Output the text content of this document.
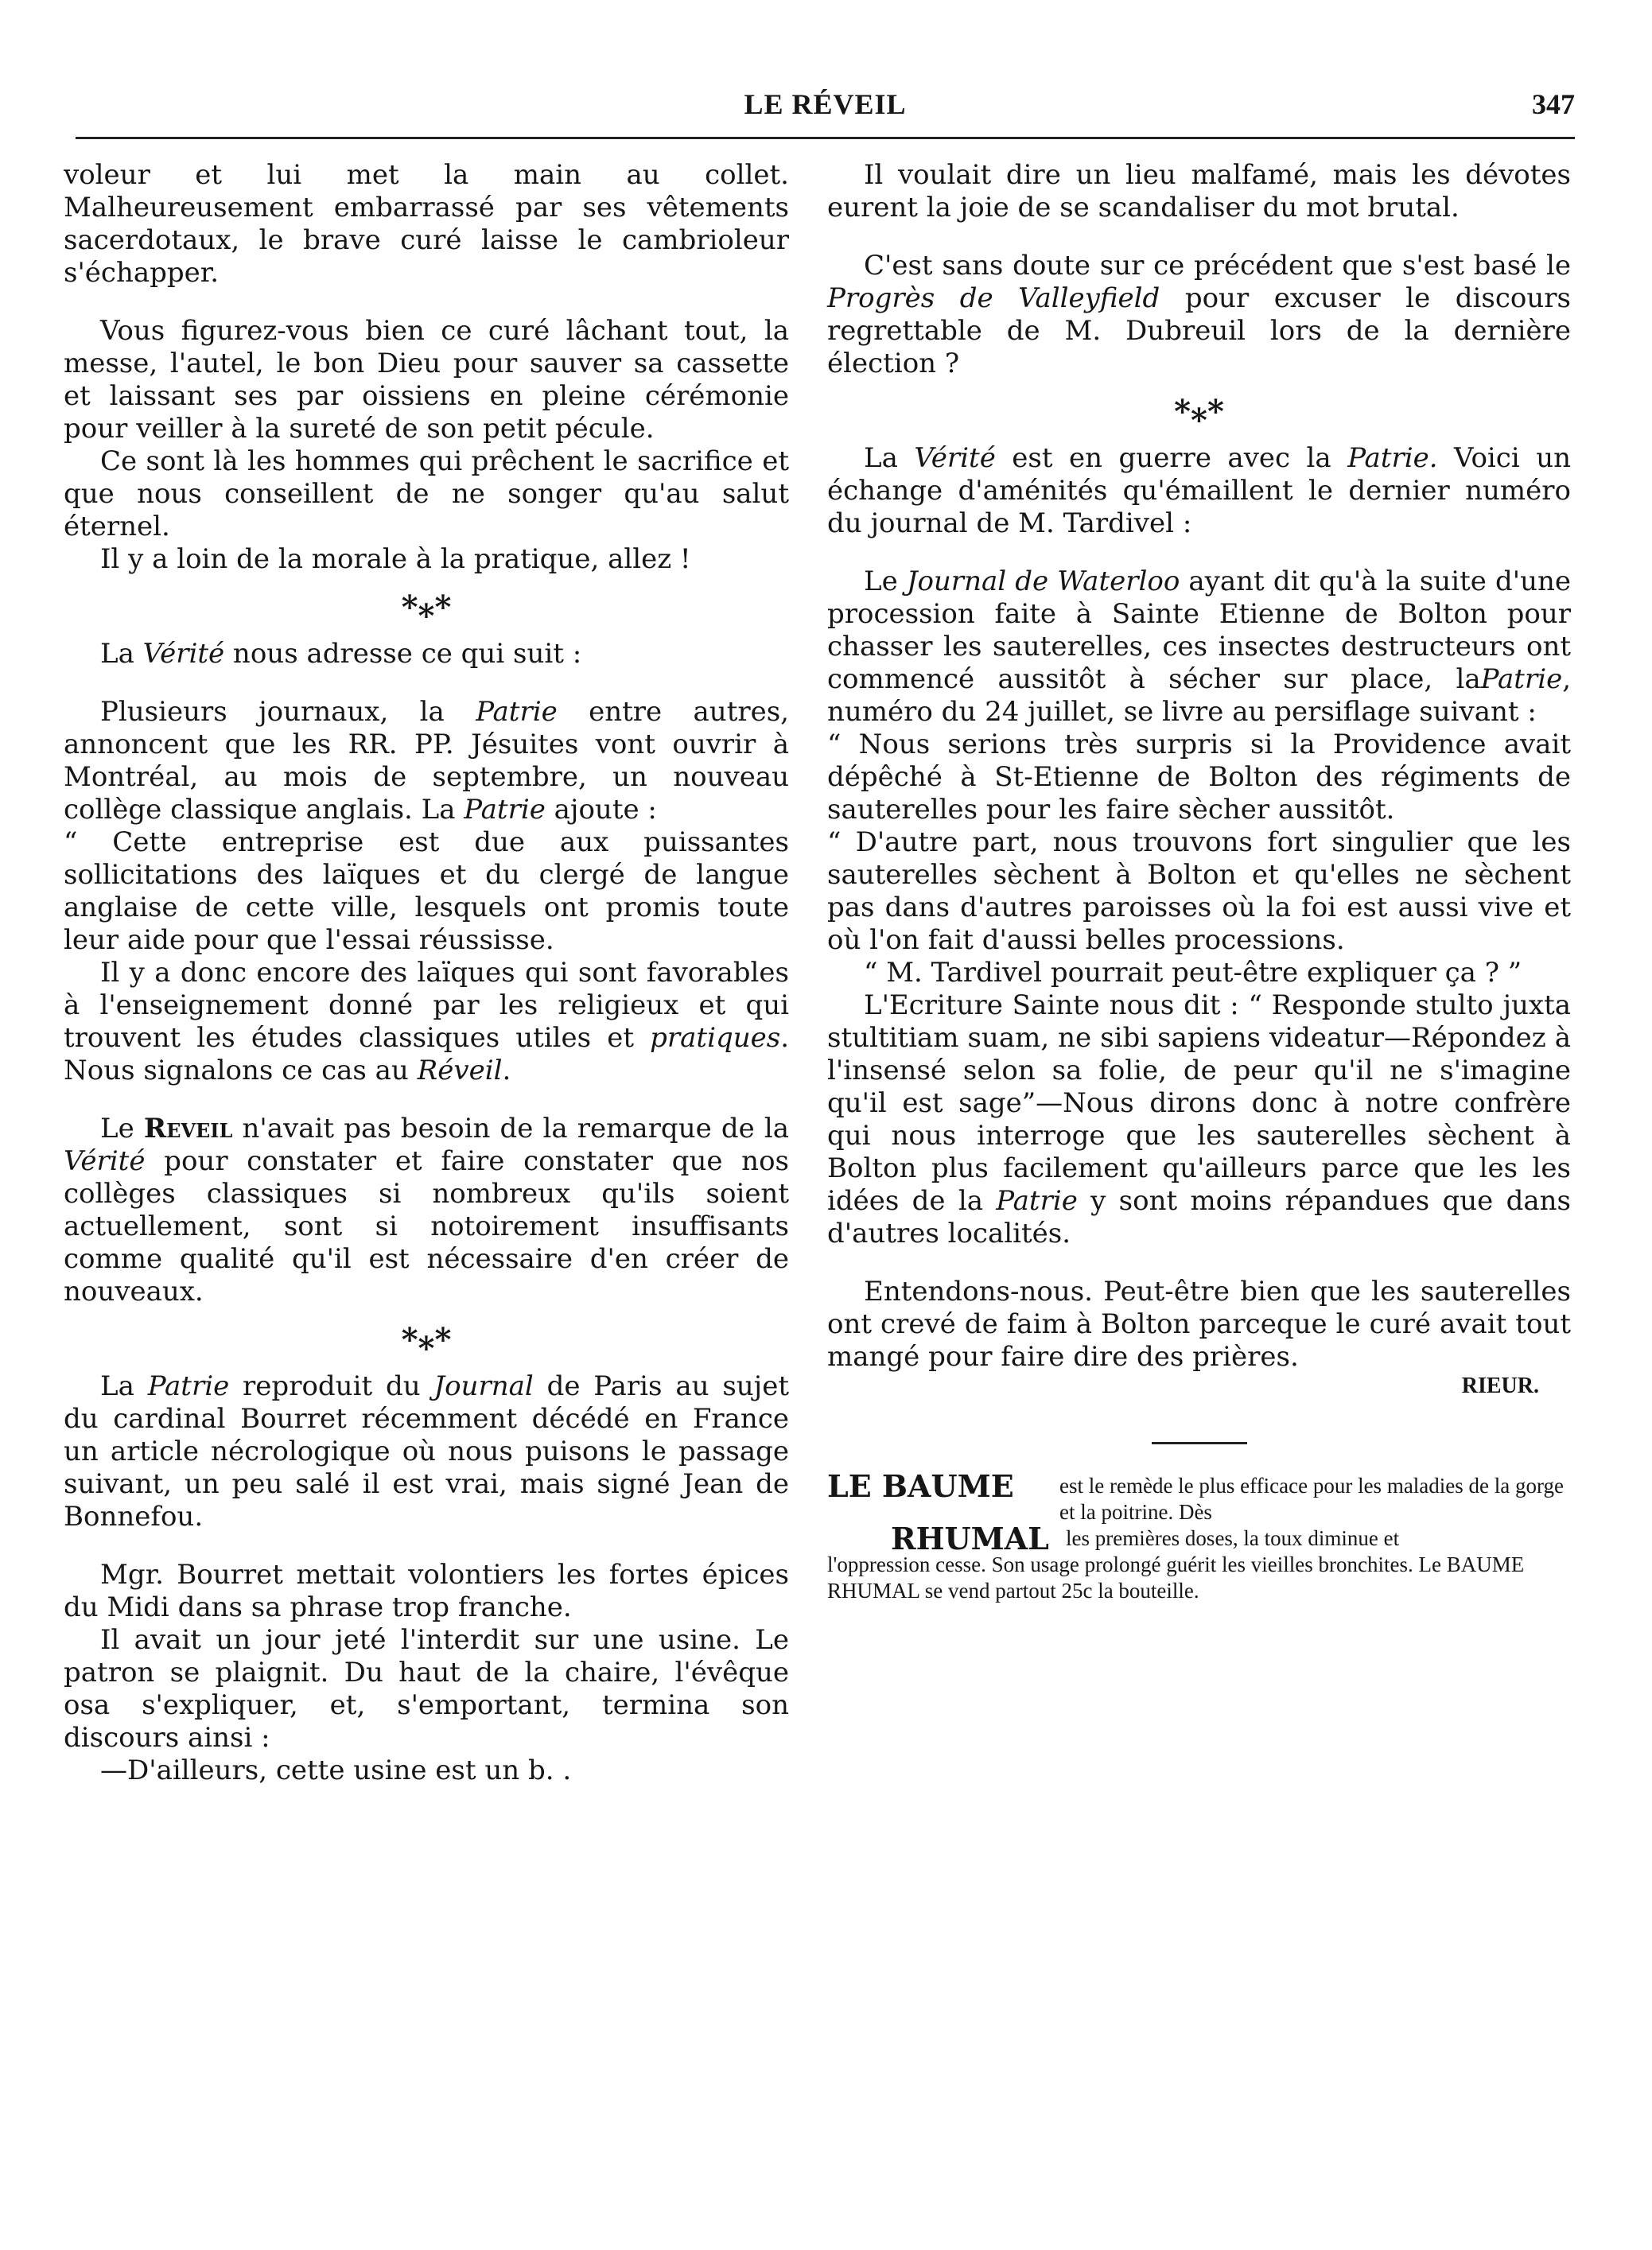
LE RÉVEIL	347

voleur et lui met la main au collet. Malheureusement embarrassé par ses vêtements sacerdotaux, le brave curé laisse le cambrioleur s'échapper.

Vous figurez-vous bien ce curé lâchant tout, la messe, l'autel, le bon Dieu pour sauver sa cassette et laissant ses par oissiens en pleine cérémonie pour veiller à la sureté de son petit pécule.

Ce sont là les hommes qui prêchent le sacrifice et que nous conseillent de ne songer qu'au salut éternel.

Il y a loin de la morale à la pratique, allez !

*⁎*

La Vérité nous adresse ce qui suit :

Plusieurs journaux, la Patrie entre autres, annoncent que les RR. PP. Jésuites vont ouvrir à Montréal, au mois de septembre, un nouveau collège classique anglais. La Patrie ajoute :

“ Cette entreprise est due aux puissantes sollicitations des laïques et du clergé de langue anglaise de cette ville, lesquels ont promis toute leur aide pour que l'essai réussisse.

Il y a donc encore des laïques qui sont favorables à l'enseignement donné par les religieux et qui trouvent les études classiques utiles et pratiques. Nous signalons ce cas au Réveil.

Le Reveil n'avait pas besoin de la remarque de la Vérité pour constater et faire constater que nos collèges classiques si nombreux qu'ils soient actuellement, sont si notoirement insuffisants comme qualité qu'il est nécessaire d'en créer de nouveaux.

*⁎*

La Patrie reproduit du Journal de Paris au sujet du cardinal Bourret récemment décédé en France un article nécrologique où nous puisons le passage suivant, un peu salé il est vrai, mais signé Jean de Bonnefou.

Mgr. Bourret mettait volontiers les fortes épices du Midi dans sa phrase trop franche.

Il avait un jour jeté l'interdit sur une usine. Le patron se plaignit. Du haut de la chaire, l'évêque osa s'expliquer, et, s'emportant, termina son discours ainsi :

—D'ailleurs, cette usine est un b. .

Il voulait dire un lieu malfamé, mais les dévotes eurent la joie de se scandaliser du mot brutal.

C'est sans doute sur ce précédent que s'est basé le Progrès de Valleyfield pour excuser le discours regrettable de M. Dubreuil lors de la dernière élection ?

*⁎*

La Vérité est en guerre avec la Patrie. Voici un échange d'aménités qu'émaillent le dernier numéro du journal de M. Tardivel :

Le Journal de Waterloo ayant dit qu'à la suite d'une procession faite à Sainte Etienne de Bolton pour chasser les sauterelles, ces insectes destructeurs ont commencé aussitôt à sécher sur place, laPatrie, numéro du 24 juillet, se livre au persiflage suivant :

“ Nous serions très surpris si la Providence avait dépêché à St-Etienne de Bolton des régiments de sauterelles pour les faire sècher aussitôt.

“ D'autre part, nous trouvons fort singulier que les sauterelles sèchent à Bolton et qu'elles ne sèchent pas dans d'autres paroisses où la foi est aussi vive et où l'on fait d'aussi belles processions.

“ M. Tardivel pourrait peut-être expliquer ça ? ”

L'Ecriture Sainte nous dit : “ Responde stulto juxta stultitiam suam, ne sibi sapiens videatur—Répondez à l'insensé selon sa folie, de peur qu'il ne s'imagine qu'il est sage”—Nous dirons donc à notre confrère qui nous interroge que les sauterelles sèchent à Bolton plus facilement qu'ailleurs parce que les les idées de la Patrie y sont moins répandues que dans d'autres localités.

Entendons-nous. Peut-être bien que les sauterelles ont crevé de faim à Bolton parceque le curé avait tout mangé pour faire dire des prières.

RIEUR.
LE BAUME
RHUMAL
est le remède le plus efficace pour les maladies de la gorge et la poitrine. Dès
les premières doses, la toux diminue et
l'oppression cesse. Son usage prolongé guérit les vieilles bronchites. Le BAUME RHUMAL se vend partout 25c la bouteille.
